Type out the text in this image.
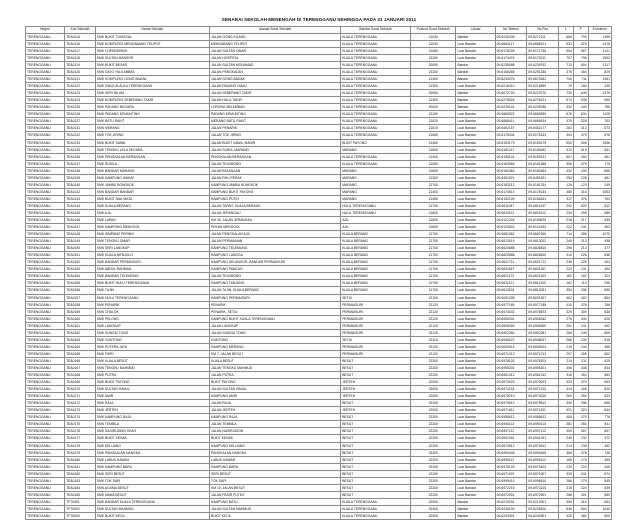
SENARAI SEKOLAH MENENGAH DI TERENGGANU SEHINGGA PADA 31 JANUARI 2011
Negeri	Kod Sekolah	Nama Sekolah	Alamat Surat Sekolah	Bandar Surat Sekolah	Poskod Surat Sekolah	Lokasi	No Telefon	No Fax	L	P	Enrolmen
TERENGGANU	TEA0116	SMK BUKIT TUNGGAL	JALAN GONG KIJANG	KUALA TERENGGANU	21030	Bandar	09-6240436	09-6272111	660	799	1459
TERENGGANU	TEA0116	SMK KOMPLEKS MENGABANG TELIPOT	MENGABANG TELIPOT	KUALA TERENGGANU	21030	Luar Bandar	09-6664117	09-6688121	533	823	1476
TERENGGANU	TEA0117	SMK CHENDERING	JALAN SULTAN OMAR	KUALA TERENGGANU	21080	Luar Bandar	09-6176228	09-6171736	554	567	1121
TERENGGANU	TEA0118	SMK SULTAN MANSOR	JALAN HOSPITAL	KUALA TERENGGANU	21100	Luar Bandar	09-6174474	09-6173211	707	796	1503
TERENGGANU	TEA0119	SMK BUKIT BESAR	JALAN SULTAN MOHAMAD	KUALA TERENGGANU	20050	Bandar	09-6236588	09-6239742	713	604	1317
TERENGGANU	TEA0120	SMK DATO' HAJI ABBAS	JALAN PENGKALAN	KUALA TERENGGANU	21100	Bandar	09-6166256	09-6251330	375	454	829
TERENGGANU	TEA0121	SMK KOMPLEKS GONG BADAK	JALAN GONG BADAK	KUALA TERENGGANU	21300	Bandar	09-6243276	09-6673342	740	711	1451
TERENGGANU	TEA0122	SMK SANG ALAULA TERENGGANU	JALAN PADANG HIJAU	KUALA TERENGGANU	21300	Luar Bandar	09-6216410	09-6216659	75	160	235
TERENGGANU	TEA0123	SMK SERI NILAM	JALAN SEBERANG TAKIR	KUALA TERENGGANU	20050	Bandar	09-6072720	09-6223770	730	649	1379
TERENGGANU	TEA0124	SMK KOMPLEKS SEBERANG TAKIR	JALAN HULU TAKIR	KUALA TERENGGANU	21300	Bandar	09-6275524	09-6276121	574	538	950
TERENGGANU	TEA0125	SMK PADANG NEGARA	LORONG BELEMBAN	KUALA TERENGGANU	20000	Bandar	09-6225141	09-6226788	332	443	755
TERENGGANU	TEA0126	SMK PADANG KEMUNTING	PADANG KEMUNTING	KUALA TERENGGANU	21100	Luar Bandar	09-6660522	09-6660539	676	634	1125
TERENGGANU	TEA0127	SMK BATU RAKIT	MERANG BATU RAKIT	KUALA TERENGGANU	21020	Luar Bandar	09-6668411	09-6668434	375	328	703
TERENGGANU	TEA0131	SMK MERANG	JALAN PENARIK	KUALA TERENGGANU	21010	Luar Bandar	09-6452157	09-6452177	261	412	673
TERENGGANU	TEA0132	SMK TOK JIRING	JALAN TOK JIRING	KUALA TERENGGANU	21060	Luar Bandar	09-6175434	09-6175143	403	473	876
TERENGGANU	TEA0134	SMK BUKIT SAWA	JALAN BUKIT SAWA, MANIR	BUKIT PAYONG	21450	Luar Bandar	09-6153179	09-6153179	500	506	1006
TERENGGANU	TEA0135	SMK TENGKU LELA SEGARA	JALAN SURIA, MARANG	MARANG	21600	Luar Bandar	09-6181217	09-6180632	312	519	831
TERENGGANU	TEA0136	SMK PENGKALAN BERANGAN	PENGKALAN BERANGAN	KUALA TERENGGANU	21400	Luar Bandar	09-6155101	09-6155141	507	454	961
TERENGGANU	TEA0137	SMK RUSILA	JALAN TELEMONG	KUALA TERENGGANU	21080	Luar Bandar	09-6183066	09-6181368	396	379	775
TERENGGANU	TEA0138	SMK BANDAR MARANG	JALAN BATANGAN	MARANG	21600	Luar Bandar	09-6182464	09-6182464	432	433	865
TERENGGANU	TEA0139	SMK KAMPUNG WAKAF	JALAN RHU PERAK	MARANG	21300	Luar Bandar	09-6451521	09-6451521	253	228	481
TERENGGANU	TEA0140	SMK JAMBU BONGKOK	KAMPUNG JAMBU BONGKOK	MARANG	21700	Luar Bandar	09-6183212	09-6181234	126	123	249
TERENGGANU	TEA0142	SMK BANDAR BANDAR	KAMPUNG BUKIT PAYONG	MARANG	21400	Luar Bandar	09-6174513	09-6175134	485	416	1003
TERENGGANU	TEA0143	SMK BUKIT NAK MATA	KAMPUNG PUTIH	MARANG	21450	Luar Bandar	09-6152109	09-6158161	317	376	703
TERENGGANU	TEA0144	SMK KUALA BERANG	JALAN TAPAH, KUALA BERANG	HULU TERENGGANU	21700	Luar Bandar	09-6811047	09-6811047	292	520	812
TERENGGANU	TEA0145	SMK AJIL	JALAN JERANGAU	HULU TERENGGANU	21800	Luar Bandar	09-6815112	09-6815112	234	295	589
TERENGGANU	TEA0146	SMK LAPAN	KM 30, JALAN JERANGAU	AJIL	21800	Luar Bandar	09-6121204	09-6189675	218	217	435
TERENGGANU	TEA0147	SMK KAMPONG MENGGOL	PEKAN MENGGOL	AJIL	21800	Luar Bandar	09-6120002	09-6124433	222	241	463
TERENGGANU	TEA0148	SMK SIMPANG PERING	JALAN PENGKALAN AJIL	KUALA BERANG	21700	Luar Bandar	09-6681062	09-6687000	714	356	1070
TERENGGANU	TEA0149	SMK TENGKU OMAR	JALAN PERMAINAN	KUALA BERANG	21700	Luar Bandar	09-6813019	09-6813022	245	213	458
TERENGGANU	TEA0150	SMK SERI LANGKAP	KAMPUNG TELEMUNG	KUALA BERANG	21700	Luar Bandar	09-6820888	09-6826810	296	213	477
TERENGGANU	TEA0151	SMK KUALA MENJOLO	KAMPUNG LANGGA	KUALA BERANG	21700	Luar Bandar	09-6820888	09-6826810	310	226	536
TERENGGANU	TEA0152	SMK BANDAR PERMAISURI	KAMPUNG SELANGOR, BANDAR PERMAISURI	KUALA BERANG	21700	Luar Bandar	09-6621711	09-6621712	236	228	404
TERENGGANU	TEA0153	SMK ABDUL RAHMAN	KAMPUNG PANCUR	KUALA BERANG	21700	Luar Bandar	09-6831187	09-6831187	223	231	454
TERENGGANU	TEA0154	SMK BANDAR TELEMONG	JALAN TELEMONG	KUALA BERANG	21700	Luar Bandar	09-6821172	09-6821163	162	162	324
TERENGGANU	TEA0155	SMK BUKIT HULU TERENGGANU	KAMPUNG TANJUNG	KUALA BERANG	21700	Luar Bandar	09-6811121	09-6811103	182	113	295
TERENGGANU	TEA0156	SMK TAJIN	JALAN TAJIN, KUALA BERANG	KUALA BERANG	21700	Luar Bandar	09-6813031	09-6813031	354	336	690
TERENGGANU	TEA0157	SMK HULU TERENGGANU	KAMPUNG PERMAISURI	SETIU	22100	Luar Bandar	09-6091205	09-6091207	402	402	804
TERENGGANU	TEA0158	SMK PENARIK	PENARIK	PERMAISURI	22120	Luar Bandar	09-6977185	09-6977185	410	378	788
TERENGGANU	TEA0159	SMK CHALOK	PENARIK, SETIU	PERMAISURI	22120	Luar Bandar	09-6974032	09-6976873	329	309	638
TERENGGANU	TEA0160	SMK PELONG	KAMPUNG BUKIT KUALA TERENGGANU	PERMAISURI	22120	Luar Bandar	09-6906331	09-6906342	276	349	625
TERENGGANU	TEA0161	SMK LANGKAP	JALAN LANGKAP	PERMAISURI	22120	Luar Bandar	09-6906300	09-6906300	251	241	492
TERENGGANU	TEA0162	SMK SUNGAI TONG	JALAN SUNGAI TONG	PERMAISURI	22120	Luar Bandar	09-6902280	09-6902281	260	249	509
TERENGGANU	TEA0163	SMK GUNTONG	GUNTONG	SETIU	22110	Luar Bandar	09-6946027	09-6946027	286	230	516
TERENGGANU	TEA0164	SMK PUTERA JAYA	KAMPUNG MERANG	PERMAISURI	22120	Luar Bandar	09-6009014	09-6009014	215	244	459
TERENGGANU	TEA0165	SMK FIKRI	KM 7, JALAN BESUT	PERMAISURI	22120	Luar Bandar	09-6971213	09-6971213	297	305	602
TERENGGANU	TEA0166	SMK KUALA BESUT	KUALA BESUT	BESUT	22300	Luar Bandar	09-6978103	09-6978103	214	211	425
TERENGGANU	TEA0167	SMK TENGKU MAHMUD	JALAN TENGKU MAHMUD	BESUT	22200	Luar Bandar	09-6955201	09-6955201	406	438	844
TERENGGANU	TEA0168	SMK PUTRA	JALAN PUTRA	BESUT	22200	Luar Bandar	09-6961312	09-6961312	310	353	663
TERENGGANU	TEA0169	SMK BUKIT PAYONG	BUKIT PAYONG	JERTEH	22000	Luar Bandar	09-6970023	09-6970023	323	370	693
TERENGGANU	TEA0170	SMK SULTAN ISMAIL	JALAN SULTAN ISMAIL	JERTEH	22000	Luar Bandar	09-6971133	09-6971133	414	406	820
TERENGGANU	TEA0171	SMK AMIR	KAMPUNG AMIR	JERTEH	22000	Luar Bandar	09-6973210	09-6973210	269	254	523
TERENGGANU	TEA0172	SMK RAJA	JALAN RAJA	BESUT	22200	Luar Bandar	09-6979812	09-6979812	330	336	666
TERENGGANU	TEA0173	SMK JERTEH	JALAN JERTEH	JERTEH	22000	Luar Bandar	09-6971811	09-6971811	321	323	644
TERENGGANU	TEA0174	SMK KAMPUNG RAJA	KAMPUNG RAJA	BESUT	22200	Luar Bandar	09-6955612	09-6955612	408	370	778
TERENGGANU	TEA0175	SMK TEMBILA	JALAN TEMBILA	BESUT	22200	Luar Bandar	09-6990113	09-6990113	281	260	541
TERENGGANU	TEA0176	SMK NASIRUDDIN SHAH	JALAN NASIRUDDIN	BESUT	22200	Luar Bandar	09-6997112	09-6997112	300	307	607
TERENGGANU	TEA0177	SMK BUKIT KENAK	BUKIT KENAK	BESUT	22200	Luar Bandar	09-6941341	09-6941341	240	232	472
TERENGGANU	TEA0178	SMK KELUANG	KAMPUNG KELUANG	BESUT	22200	Luar Bandar	09-6974512	09-6974512	213	239	452
TERENGGANU	TEA0179	SMK PANGKALAN NANGKA	PANGKALAN NANGKA	BESUT	22200	Luar Bandar	09-6990445	09-6990445	360	378	738
TERENGGANU	TEA0180	SMK LUBUK KAWAH	LUBUK KAWAH	BESUT	22200	Luar Bandar	09-6995112	09-6995112	185	170	355
TERENGGANU	TEA0181	SMK KAMPUNG BARU	KAMPUNG BARU	BESUT	22200	Luar Bandar	09-6975103	09-6975103	225	224	449
TERENGGANU	TEA0182	SMK SERI BESUT	SERI BESUT	BESUT	22200	Luar Bandar	09-6971007	09-6971007	333	341	674
TERENGGANU	TEA0183	SMK TOK SAPI	TOK SAPI	BESUT	22200	Luar Bandar	09-6995410	09-6995410	266	279	545
TERENGGANU	TEA0184	SMK AGAMA BESUT	KM 10, JALAN BESUT	BESUT	22200	Luar Bandar	09-6972215	09-6972215	315	324	639
TERENGGANU	TEA0185	SMK NAMA BESUT	JALAN PASIR PUTEH	BESUT	22200	Luar Bandar	09-6972901	09-6972901	288	301	589
TERENGGANU	TFT0001	SMK BANDAR KUALA TERENGGANU	KAMPUNG BATU	KUALA TERENGGANU	20000	Bandar	09-6219201	09-6219201	350	314	664
TERENGGANU	TFT0002	SMK SULTAN MAHMUD	JALAN SULTAN MAHMUD	KUALA TERENGGANU	20400	Bandar	09-6226100	09-6226100	540	500	1040
TERENGGANU	TFT0003	SMK BUKIT KECIL	BUKIT KECIL	KUALA TERENGGANU	20400	Bandar	09-6244301	09-6244301	420	380	800
